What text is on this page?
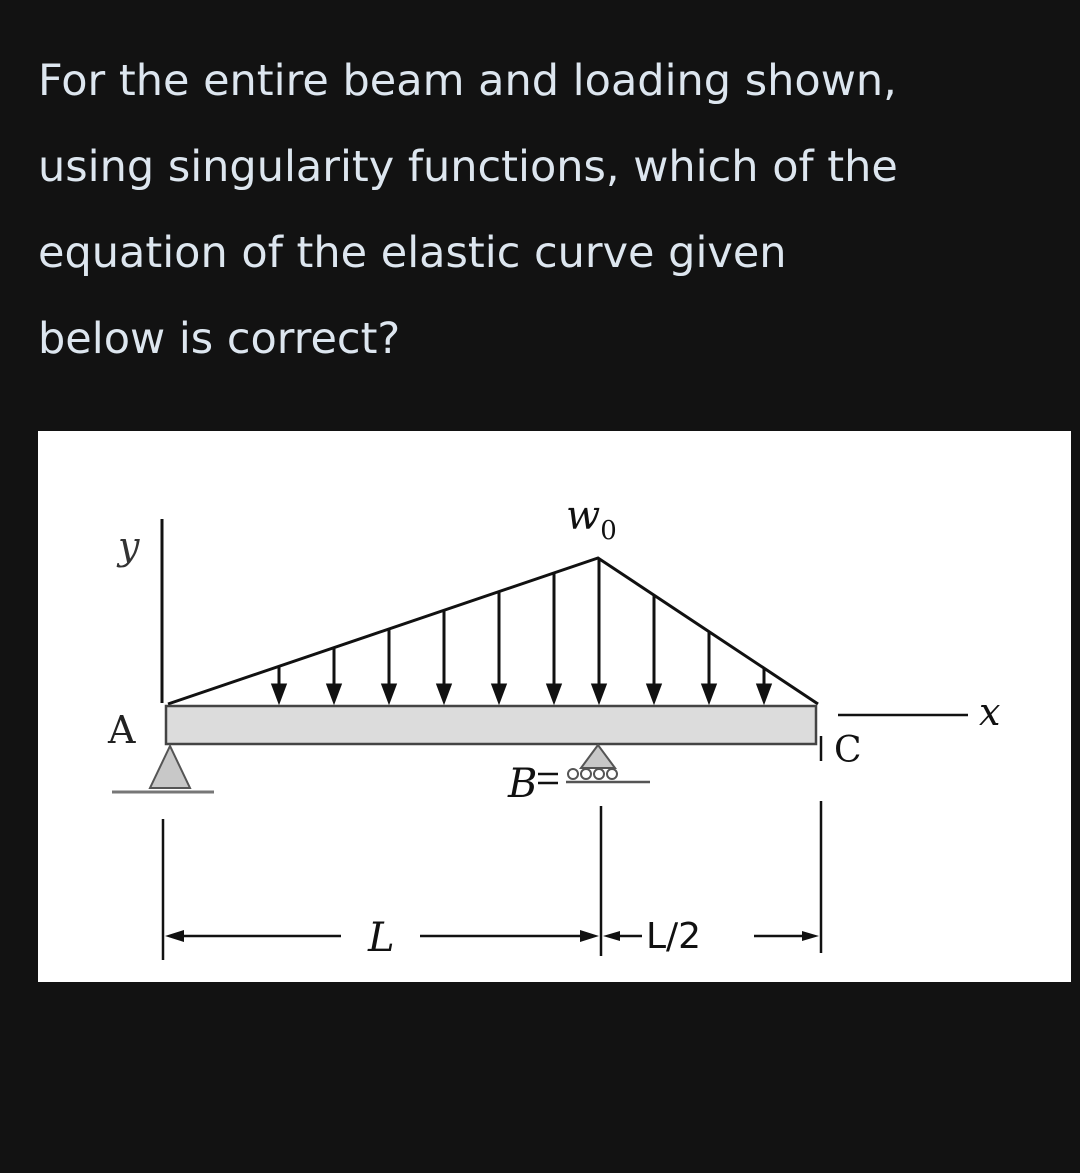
For the entire beam and loading shown,
using singularity functions, which of the
equation of the elastic curve given
below is correct?
y
$w_0$
A
B
C
x
L	L/2
